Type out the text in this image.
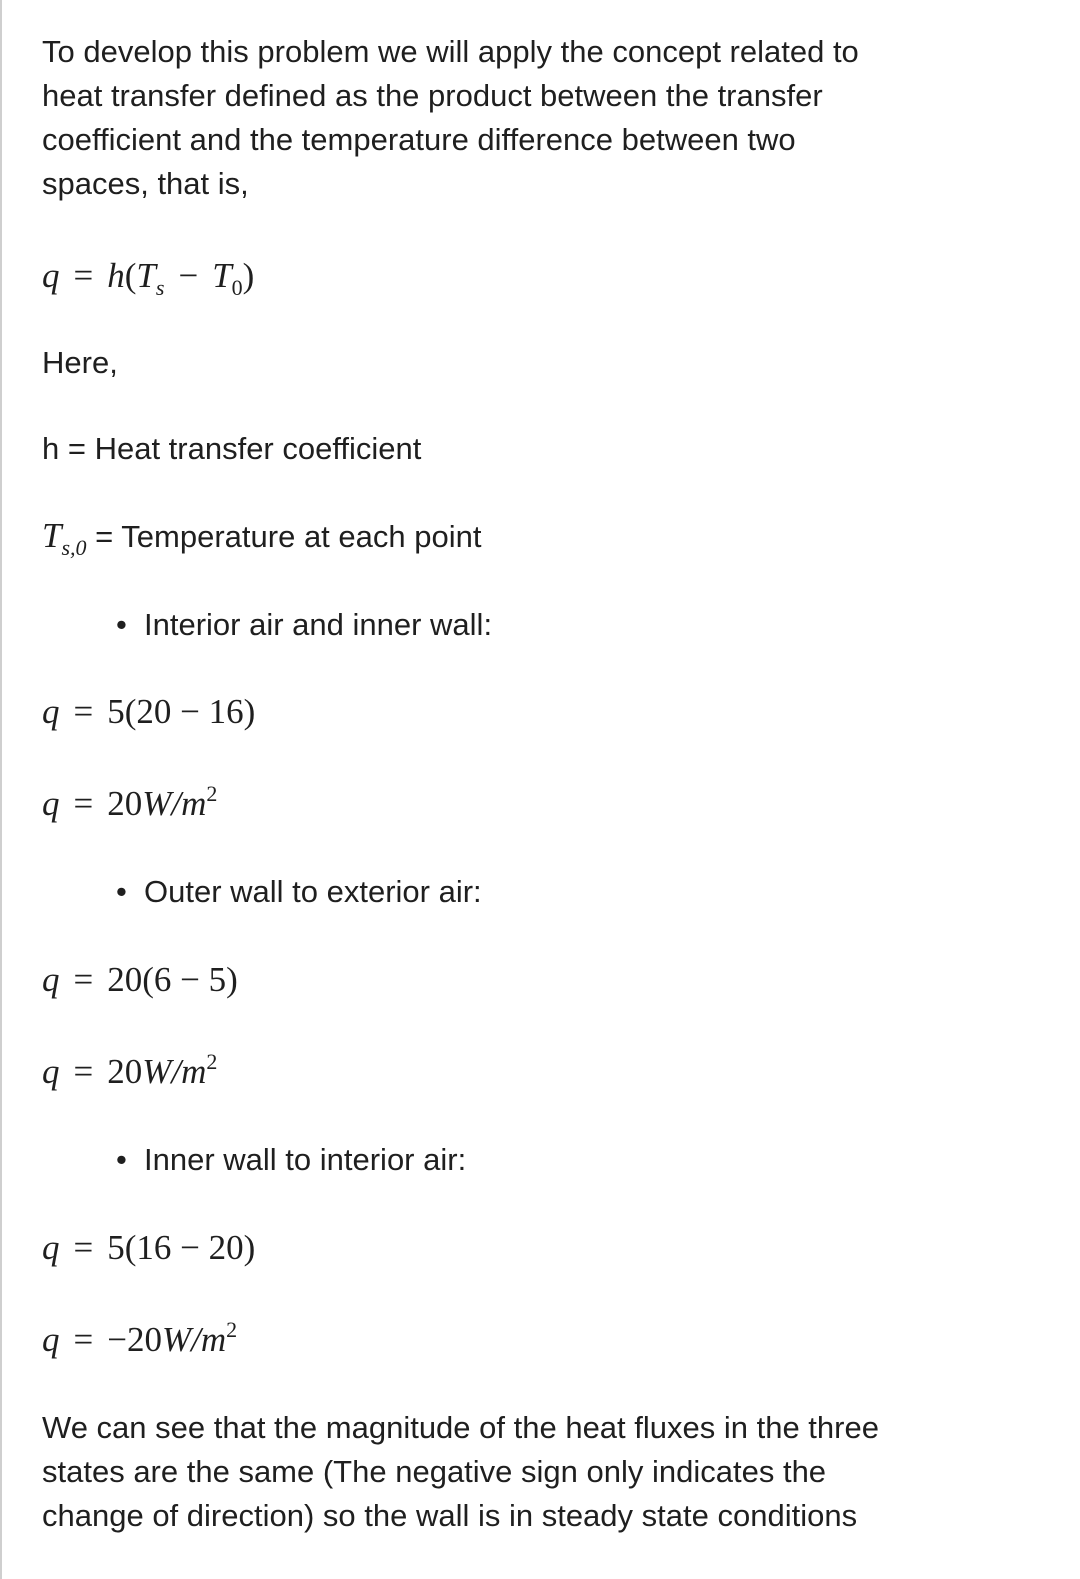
To develop this problem we will apply the concept related to
heat transfer defined as the product between the transfer
coefficient and the temperature difference between two
spaces, that is,
$q = h(T_s - T_0)$
Here,
h = Heat transfer coefficient
$T_{s,0}$ = Temperature at each point
• Interior air and inner wall:
q = 5(20 − 16)
$q = 20W/m^2$
• Outer wall to exterior air:
q = 20(6 − 5)
$q = 20W/m^2$
• Inner wall to interior air:
q = 5(16 − 20)
$q = -20W/m^2$
We can see that the magnitude of the heat fluxes in the three
states are the same (The negative sign only indicates the
change of direction) so the wall is in steady state conditions
